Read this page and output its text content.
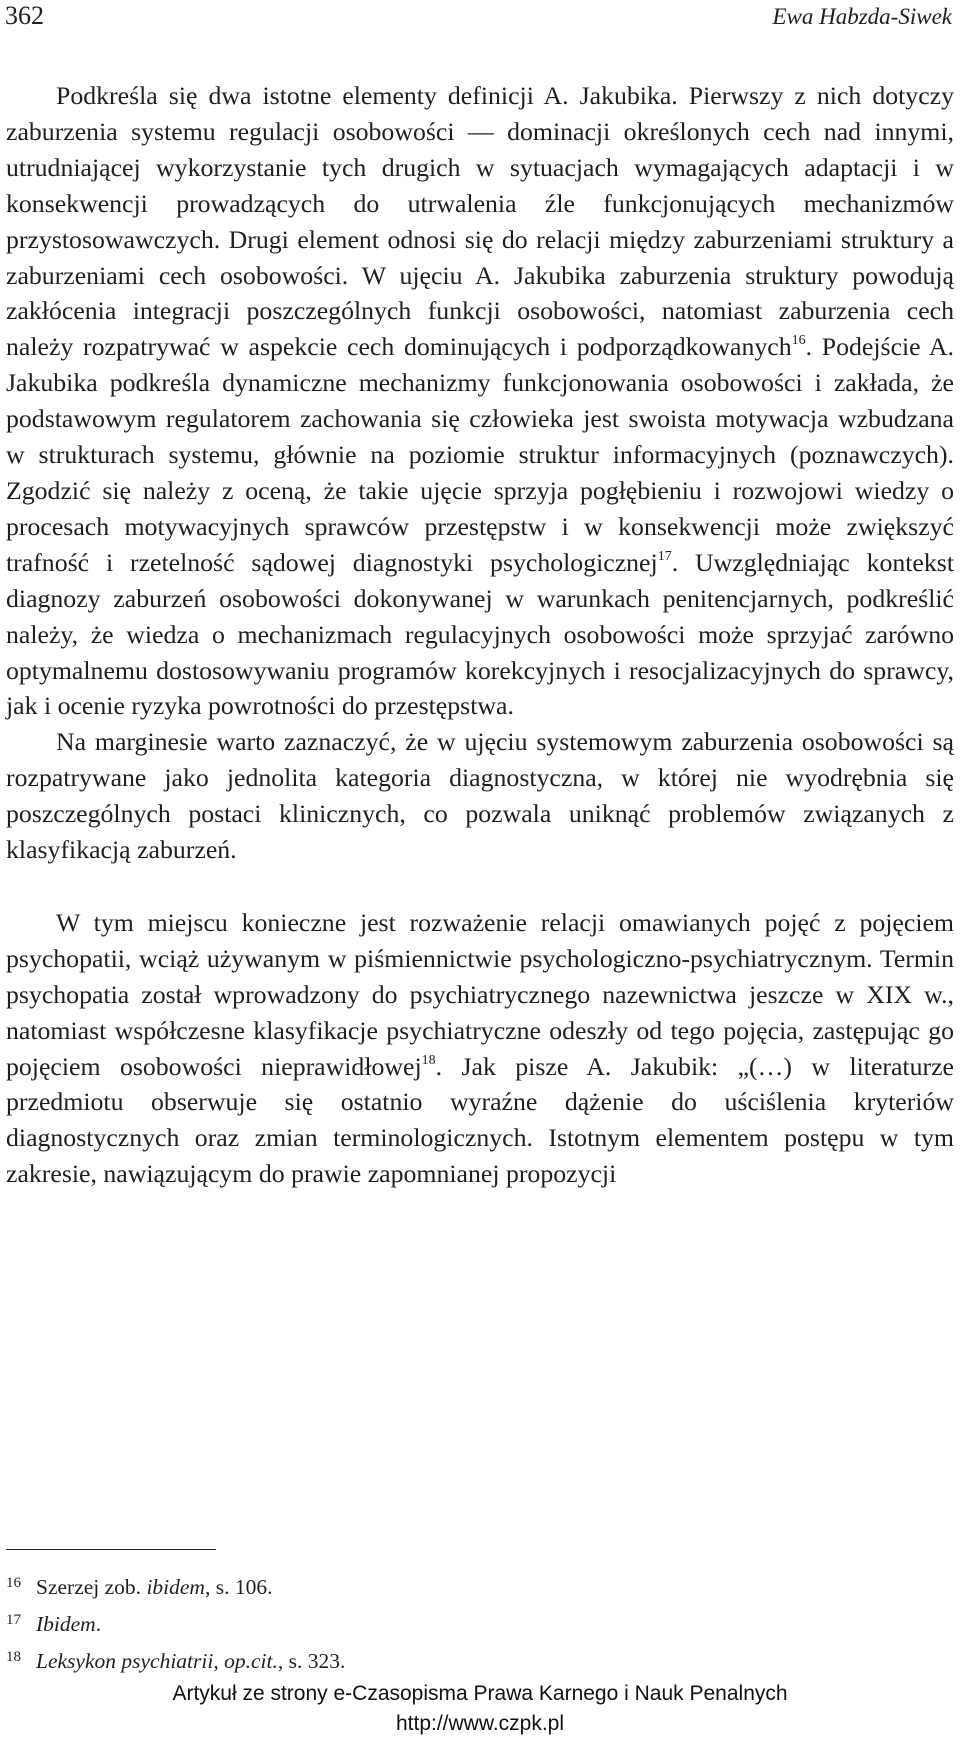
362	Ewa Habzda-Siwek

Podkreśla się dwa istotne elementy definicji A. Jakubika. Pierwszy z nich dotyczy zaburzenia systemu regulacji osobowości — dominacji określonych cech nad innymi, utrudniającej wykorzystanie tych drugich w sytuacjach wymagających adaptacji i w konsekwencji prowadzących do utrwalenia źle funkcjonujących mechanizmów przystosowawczych. Drugi element odnosi się do relacji między zaburzeniami struktury a zaburzeniami cech osobowości. W ujęciu A. Jakubika zaburzenia struktury powodują zakłócenia integracji poszczególnych funkcji osobowości, natomiast zaburzenia cech należy rozpatrywać w aspekcie cech dominujących i podporządkowanych$^{16}$. Podejście A. Jakubika podkreśla dynamiczne mechanizmy funkcjonowania osobowości i zakłada, że podstawowym regulatorem zachowania się człowieka jest swoista motywacja wzbudzana w strukturach systemu, głównie na poziomie struktur informacyjnych (poznawczych). Zgodzić się należy z oceną, że takie ujęcie sprzyja pogłębieniu i rozwojowi wiedzy o procesach motywacyjnych sprawców przestępstw i w konsekwencji może zwiększyć trafność i rzetelność sądowej diagnostyki psychologicznej$^{17}$. Uwzględniając kontekst diagnozy zaburzeń osobowości dokonywanej w warunkach penitencjarnych, podkreślić należy, że wiedza o mechanizmach regulacyjnych osobowości może sprzyjać zarówno optymalnemu dostosowywaniu programów korekcyjnych i resocjalizacyjnych do sprawcy, jak i ocenie ryzyka powrotności do przestępstwa.

Na marginesie warto zaznaczyć, że w ujęciu systemowym zaburzenia osobowości są rozpatrywane jako jednolita kategoria diagnostyczna, w której nie wyodrębnia się poszczególnych postaci klinicznych, co pozwala uniknąć problemów związanych z klasyfikacją zaburzeń.

W tym miejscu konieczne jest rozważenie relacji omawianych pojęć z pojęciem psychopatii, wciąż używanym w piśmiennictwie psychologiczno-psychiatrycznym. Termin psychopatia został wprowadzony do psychiatrycznego nazewnictwa jeszcze w XIX w., natomiast współczesne klasyfikacje psychiatryczne odeszły od tego pojęcia, zastępując go pojęciem osobowości nieprawidłowej$^{18}$. Jak pisze A. Jakubik: „(…) w literaturze przedmiotu obserwuje się ostatnio wyraźne dążenie do uściślenia kryteriów diagnostycznych oraz zmian terminologicznych. Istotnym elementem postępu w tym zakresie, nawiązującym do prawie zapomnianej propozycji

16 Szerzej zob. ibidem, s. 106.
17 Ibidem.
18 Leksykon psychiatrii, op.cit., s. 323.
Artykuł ze strony e-Czasopisma Prawa Karnego i Nauk Penalnych
http://www.czpk.pl
